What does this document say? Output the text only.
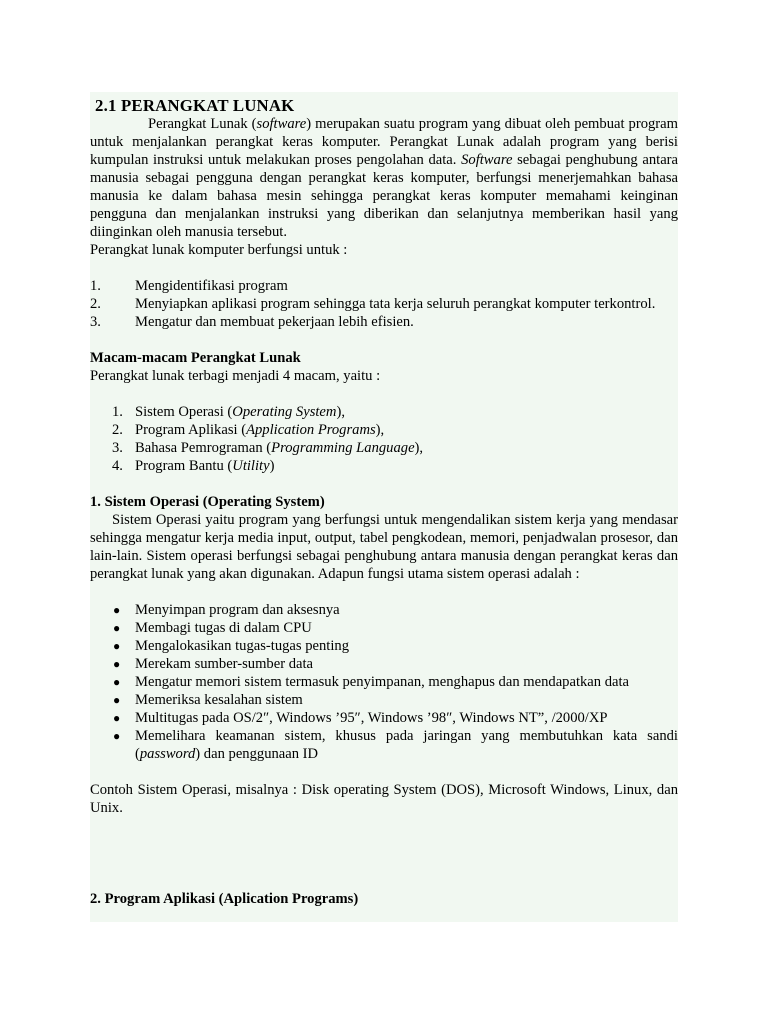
2.1 PERANGKAT LUNAK

Perangkat Lunak (software) merupakan suatu program yang dibuat oleh pembuat program untuk menjalankan perangkat keras komputer. Perangkat Lunak adalah program yang berisi kumpulan instruksi untuk melakukan proses pengolahan data. Software sebagai penghubung antara manusia sebagai pengguna dengan perangkat keras komputer, berfungsi menerjemahkan bahasa manusia ke dalam bahasa mesin sehingga perangkat keras komputer memahami keinginan pengguna dan menjalankan instruksi yang diberikan dan selanjutnya memberikan hasil yang diinginkan oleh manusia tersebut.

Perangkat lunak komputer berfungsi untuk :

1. Mengidentifikasi program
2. Menyiapkan aplikasi program sehingga tata kerja seluruh perangkat komputer terkontrol.
3. Mengatur dan membuat pekerjaan lebih efisien.

Macam-macam Perangkat Lunak

Perangkat lunak terbagi menjadi 4 macam, yaitu :

1. Sistem Operasi (Operating System),
2. Program Aplikasi (Application Programs),
3. Bahasa Pemrograman (Programming Language),
4. Program Bantu (Utility)

1. Sistem Operasi (Operating System)

Sistem Operasi yaitu program yang berfungsi untuk mengendalikan sistem kerja yang mendasar sehingga mengatur kerja media input, output, tabel pengkodean, memori, penjadwalan prosesor, dan lain-lain. Sistem operasi berfungsi sebagai penghubung antara manusia dengan perangkat keras dan perangkat lunak yang akan digunakan. Adapun fungsi utama sistem operasi adalah :

● Menyimpan program dan aksesnya
● Membagi tugas di dalam CPU
● Mengalokasikan tugas-tugas penting
● Merekam sumber-sumber data
● Mengatur memori sistem termasuk penyimpanan, menghapus dan mendapatkan data
● Memeriksa kesalahan sistem
● Multitugas pada OS/2″, Windows ’95″, Windows ’98″, Windows NT”, /2000/XP
● Memelihara keamanan sistem, khusus pada jaringan yang membutuhkan kata sandi (password) dan penggunaan ID

Contoh Sistem Operasi, misalnya : Disk operating System (DOS), Microsoft Windows, Linux, dan Unix.

2. Program Aplikasi (Aplication Programs)
